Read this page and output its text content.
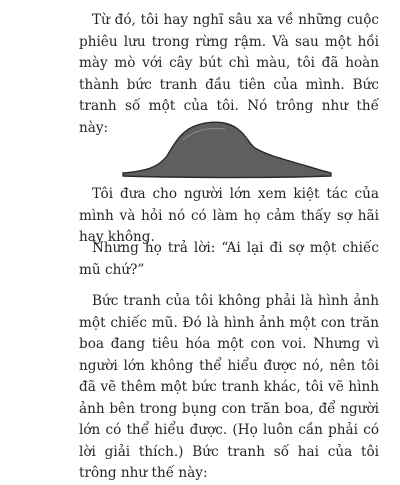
Từ đó, tôi hay nghĩ sâu xa về những cuộc phiêu lưu trong rừng rậm. Và sau một hồi mày mò với cây bút chì màu, tôi đã hoàn thành bức tranh đầu tiên của mình. Bức tranh số một của tôi. Nó trông như thế này:

Tôi đưa cho người lớn xem kiệt tác của mình và hỏi nó có làm họ cảm thấy sợ hãi hay không.

Nhưng họ trả lời: “Ai lại đi sợ một chiếc mũ chứ?”

Bức tranh của tôi không phải là hình ảnh một chiếc mũ. Đó là hình ảnh một con trăn boa đang tiêu hóa một con voi. Nhưng vì người lớn không thể hiểu được nó, nên tôi đã vẽ thêm một bức tranh khác, tôi vẽ hình ảnh bên trong bụng con trăn boa, để người lớn có thể hiểu được. (Họ luôn cần phải có lời giải thích.) Bức tranh số hai của tôi trông như thế này:
